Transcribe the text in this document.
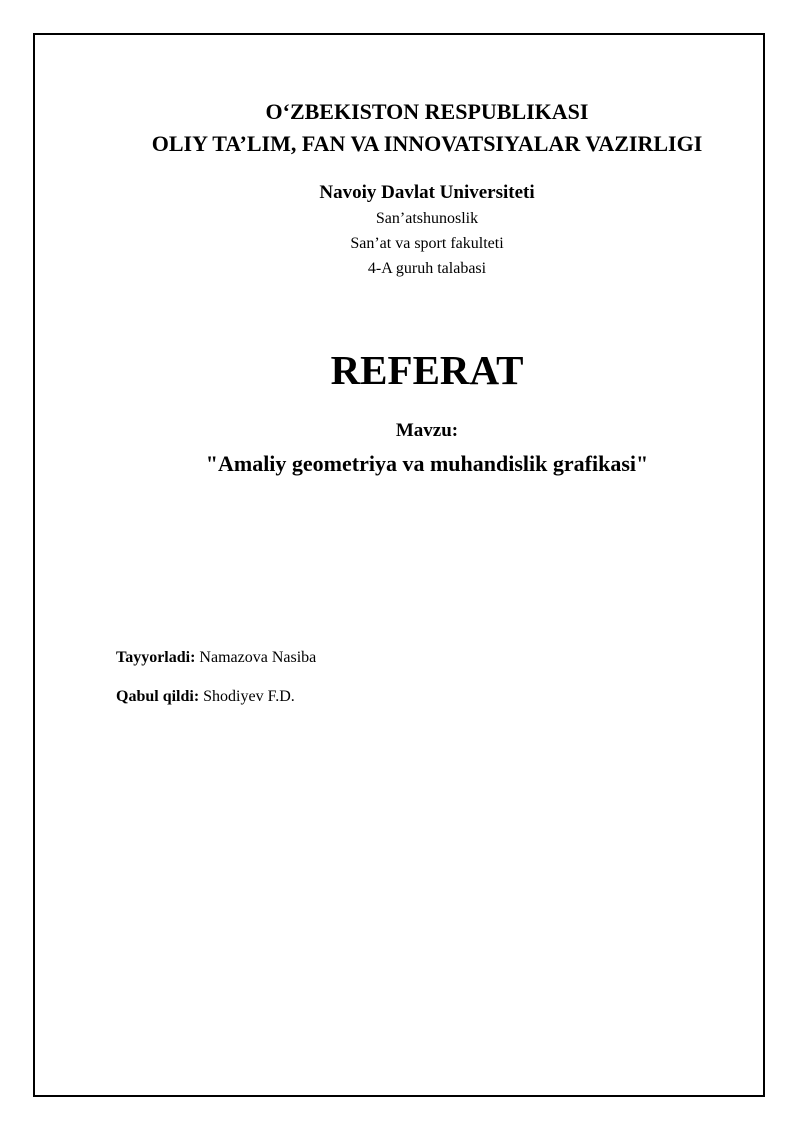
O‘ZBEKISTON RESPUBLIKASI
OLIY TA’LIM, FAN VA INNOVATSIYALAR VAZIRLIGI
Navoiy Davlat Universiteti
San’atshunoslik
San’at va sport fakulteti
4-A guruh talabasi
REFERAT
Mavzu:
"Amaliy geometriya va muhandislik grafikasi"
Tayyorladi: Namazova Nasiba
Qabul qildi: Shodiyev F.D.
